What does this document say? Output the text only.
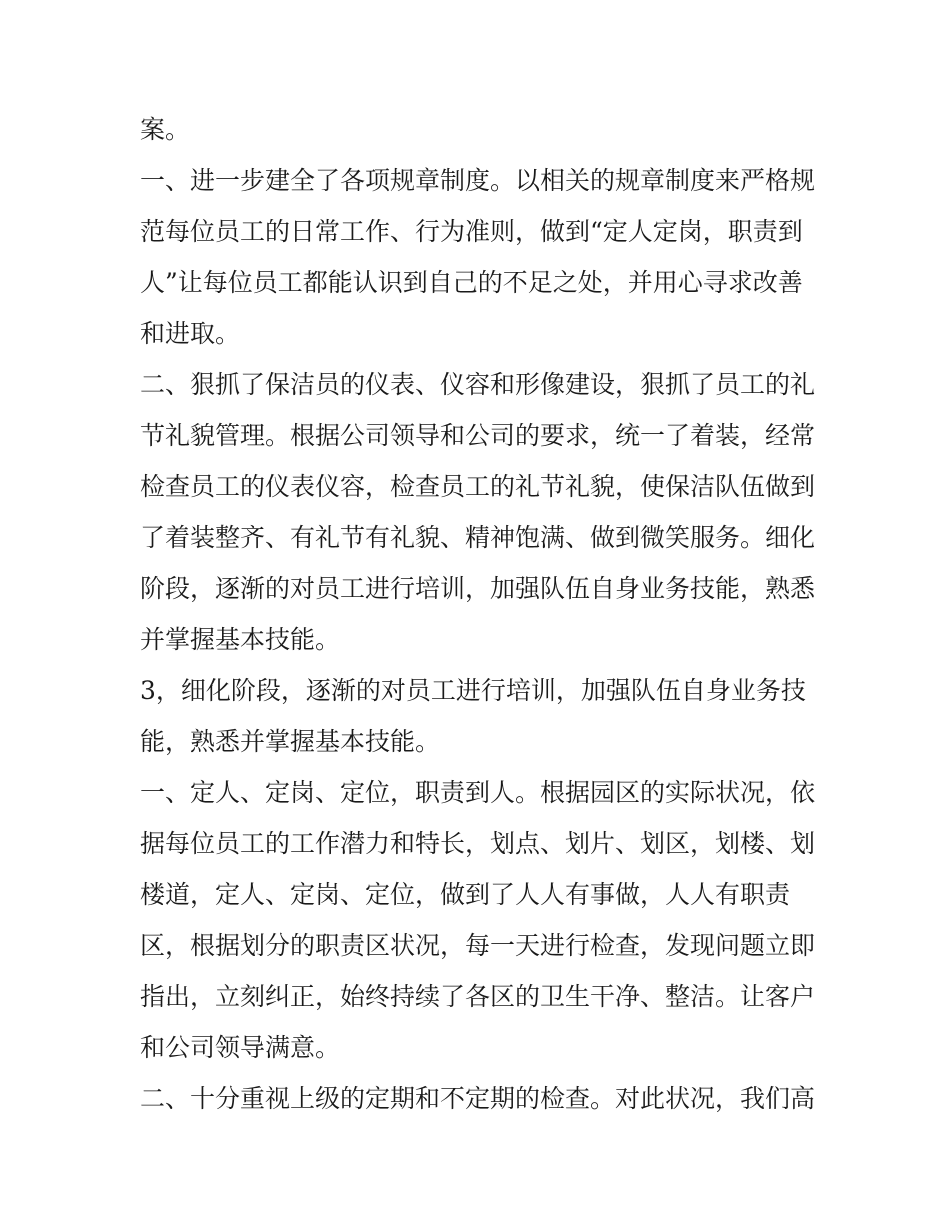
案。
一、进一步建全了各项规章制度。以相关的规章制度来严格规
范每位员工的日常工作、行为准则，做到“定人定岗，职责到
人”让每位员工都能认识到自己的不足之处，并用心寻求改善
和进取。
二、狠抓了保洁员的仪表、仪容和形像建设，狠抓了员工的礼
节礼貌管理。根据公司领导和公司的要求，统一了着装，经常
检查员工的仪表仪容，检查员工的礼节礼貌，使保洁队伍做到
了着装整齐、有礼节有礼貌、精神饱满、做到微笑服务。细化
阶段，逐渐的对员工进行培训，加强队伍自身业务技能，熟悉
并掌握基本技能。
3，细化阶段，逐渐的对员工进行培训，加强队伍自身业务技
能，熟悉并掌握基本技能。
一、定人、定岗、定位，职责到人。根据园区的实际状况，依
据每位员工的工作潜力和特长，划点、划片、划区，划楼、划
楼道，定人、定岗、定位，做到了人人有事做，人人有职责
区，根据划分的职责区状况，每一天进行检查，发现问题立即
指出，立刻纠正，始终持续了各区的卫生干净、整洁。让客户
和公司领导满意。
二、十分重视上级的定期和不定期的检查。对此状况，我们高
